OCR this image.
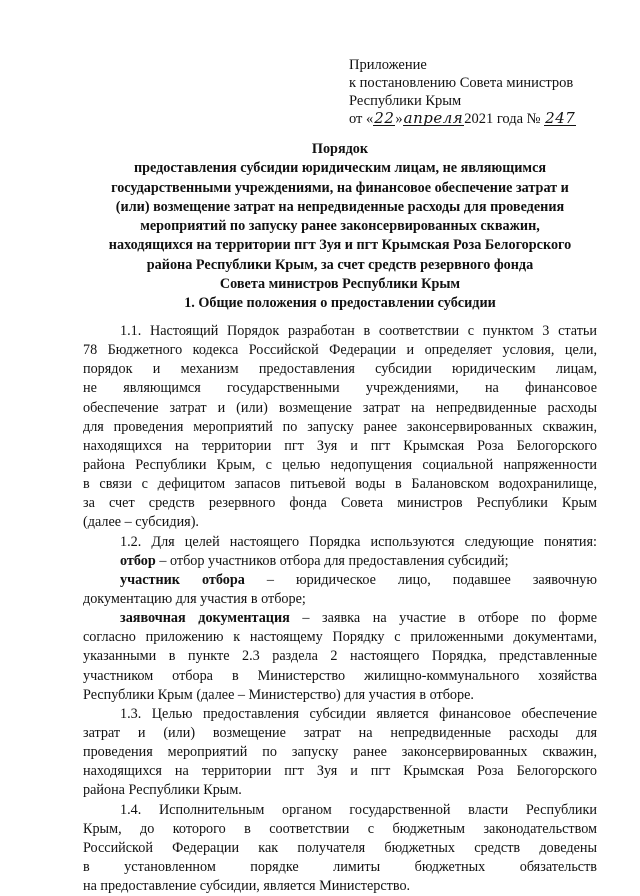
Приложение
к постановлению Совета министров
Республики Крым
от «22»апреля2021 года № 247
Порядок
предоставления субсидии юридическим лицам, не являющимся
государственными учреждениями, на финансовое обеспечение затрат и
(или) возмещение затрат на непредвиденные расходы для проведения
мероприятий по запуску ранее законсервированных скважин,
находящихся на территории пгт Зуя и пгт Крымская Роза Белогорского
района Республики Крым, за счет средств резервного фонда
Совета министров Республики Крым
1. Общие положения о предоставлении субсидии
1.1. Настоящий Порядок разработан в соответствии с пунктом 3 статьи
78 Бюджетного кодекса Российской Федерации и определяет условия, цели,
порядок и механизм предоставления субсидии юридическим лицам,
не являющимся государственными учреждениями, на финансовое
обеспечение затрат и (или) возмещение затрат на непредвиденные расходы
для проведения мероприятий по запуску ранее законсервированных скважин,
находящихся на территории пгт Зуя и пгт Крымская Роза Белогорского
района Республики Крым, с целью недопущения социальной напряженности
в связи с дефицитом запасов питьевой воды в Балановском водохранилище,
за счет средств резервного фонда Совета министров Республики Крым
(далее – субсидия).
1.2. Для целей настоящего Порядка используются следующие понятия:
отбор – отбор участников отбора для предоставления субсидий;
участник отбора – юридическое лицо, подавшее заявочную
документацию для участия в отборе;
заявочная документация – заявка на участие в отборе по форме
согласно приложению к настоящему Порядку с приложенными документами,
указанными в пункте 2.3 раздела 2 настоящего Порядка, представленные
участником отбора в Министерство жилищно-коммунального хозяйства
Республики Крым (далее – Министерство) для участия в отборе.
1.3. Целью предоставления субсидии является финансовое обеспечение
затрат и (или) возмещение затрат на непредвиденные расходы для
проведения мероприятий по запуску ранее законсервированных скважин,
находящихся на территории пгт Зуя и пгт Крымская Роза Белогорского
района Республики Крым.
1.4. Исполнительным органом государственной власти Республики
Крым, до которого в соответствии с бюджетным законодательством
Российской Федерации как получателя бюджетных средств доведены
в установленном порядке лимиты бюджетных обязательств
на предоставление субсидии, является Министерство.
